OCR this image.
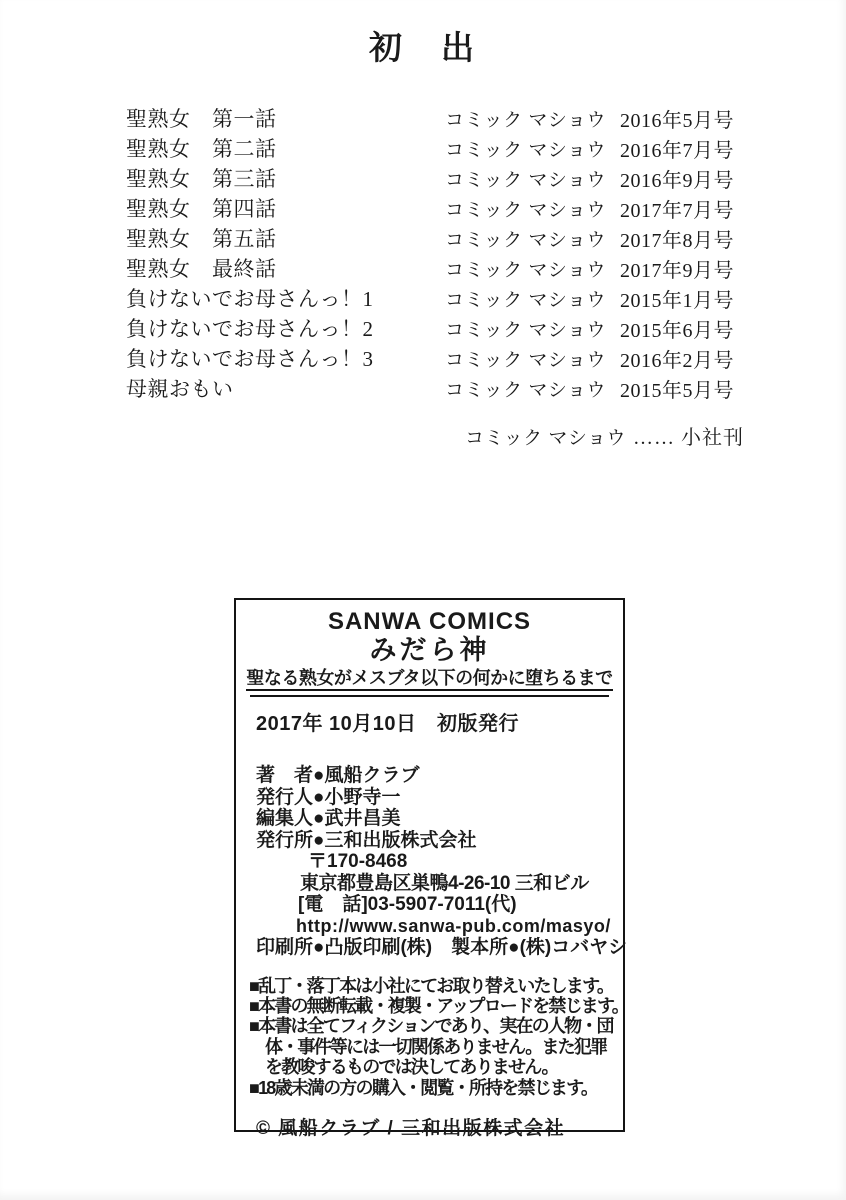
初　出
聖熟女　第一話	コミック マショウ 2016年5月号
聖熟女　第二話	コミック マショウ 2016年7月号
聖熟女　第三話	コミック マショウ 2016年9月号
聖熟女　第四話	コミック マショウ 2017年7月号
聖熟女　第五話	コミック マショウ 2017年8月号
聖熟女　最終話	コミック マショウ 2017年9月号
負けないでお母さんっ！1	コミック マショウ 2015年1月号
負けないでお母さんっ！2	コミック マショウ 2015年6月号
負けないでお母さんっ！3	コミック マショウ 2016年2月号
母親おもい	コミック マショウ 2015年5月号
コミック マショウ …… 小社刊
SANWA COMICS
みだら神
聖なる熟女がメスブタ以下の何かに堕ちるまで
2017年 10月10日　初版発行
著　者●風船クラブ
発行人●小野寺一
編集人●武井昌美
発行所●三和出版株式会社
〒170-8468
東京都豊島区巣鴨4-26-10 三和ビル
[電　話]03-5907-7011(代)
http://www.sanwa-pub.com/masyo/
印刷所●凸版印刷(株)　製本所●(株)コバヤシ
■乱丁・落丁本は小社にてお取り替えいたします。
■本書の無断転載・複製・アップロードを禁じます。
■本書は全てフィクションであり、実在の人物・団
体・事件等には一切関係ありません。また犯罪
を教唆するものでは決してありません。
■18歳未満の方の購入・閲覧・所持を禁じます。
© 風船クラブ / 三和出版株式会社
